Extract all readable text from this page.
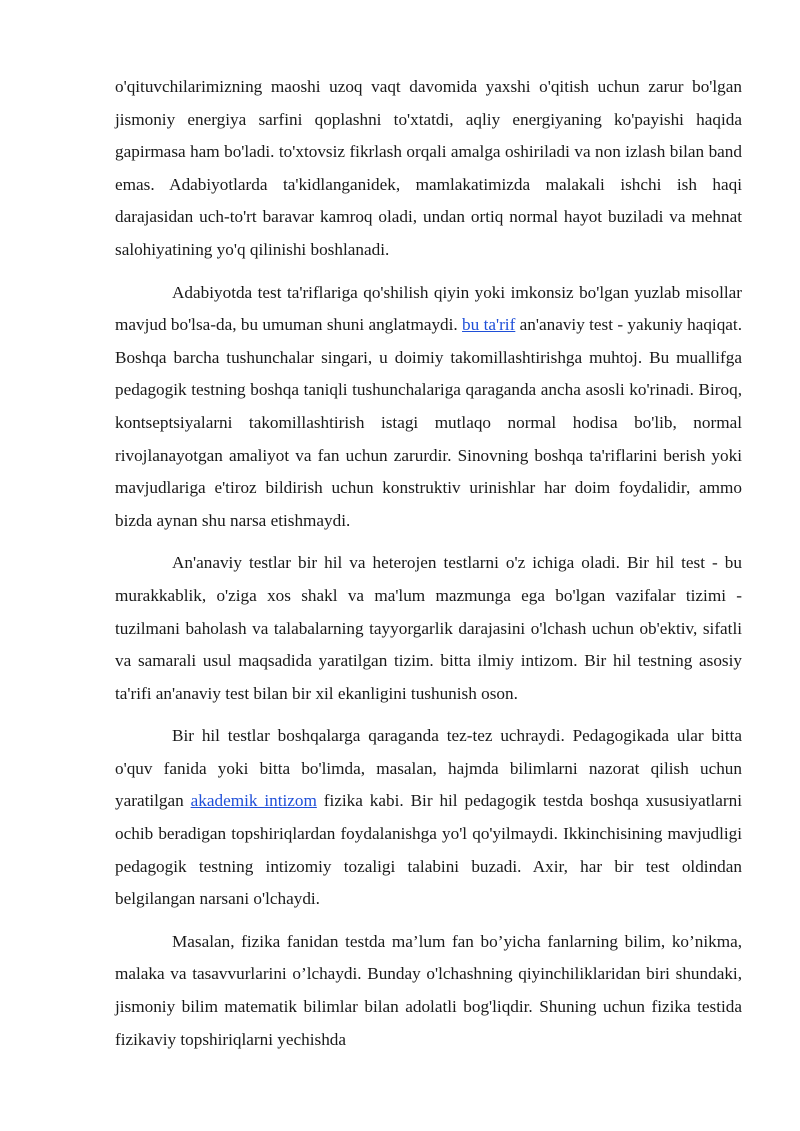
o'qituvchilarimizning maoshi uzoq vaqt davomida yaxshi o'qitish uchun zarur bo'lgan jismoniy energiya sarfini qoplashni to'xtatdi, aqliy energiyaning ko'payishi haqida gapirmasa ham bo'ladi. to'xtovsiz fikrlash orqali amalga oshiriladi va non izlash bilan band emas. Adabiyotlarda ta'kidlanganidek, mamlakatimizda malakali ishchi ish haqi darajasidan uch-to'rt baravar kamroq oladi, undan ortiq normal hayot buziladi va mehnat salohiyatining yo'q qilinishi boshlanadi.

Adabiyotda test ta'riflariga qo'shilish qiyin yoki imkonsiz bo'lgan yuzlab misollar mavjud bo'lsa-da, bu umuman shuni anglatmaydi. bu ta'rif an'anaviy test - yakuniy haqiqat. Boshqa barcha tushunchalar singari, u doimiy takomillashtirishga muhtoj. Bu muallifga pedagogik testning boshqa taniqli tushunchalariga qaraganda ancha asosli ko'rinadi. Biroq, kontseptsiyalarni takomillashtirish istagi mutlaqo normal hodisa bo'lib, normal rivojlanayotgan amaliyot va fan uchun zarurdir. Sinovning boshqa ta'riflarini berish yoki mavjudlariga e'tiroz bildirish uchun konstruktiv urinishlar har doim foydalidir, ammo bizda aynan shu narsa etishmaydi.

An'anaviy testlar bir hil va heterojen testlarni o'z ichiga oladi. Bir hil test - bu murakkablik, o'ziga xos shakl va ma'lum mazmunga ega bo'lgan vazifalar tizimi - tuzilmani baholash va talabalarning tayyorgarlik darajasini o'lchash uchun ob'ektiv, sifatli va samarali usul maqsadida yaratilgan tizim. bitta ilmiy intizom. Bir hil testning asosiy ta'rifi an'anaviy test bilan bir xil ekanligini tushunish oson.

Bir hil testlar boshqalarga qaraganda tez-tez uchraydi. Pedagogikada ular bitta o'quv fanida yoki bitta bo'limda, masalan, hajmda bilimlarni nazorat qilish uchun yaratilgan akademik intizom fizika kabi. Bir hil pedagogik testda boshqa xususiyatlarni ochib beradigan topshiriqlardan foydalanishga yo'l qo'yilmaydi. Ikkinchisining mavjudligi pedagogik testning intizomiy tozaligi talabini buzadi. Axir, har bir test oldindan belgilangan narsani o'lchaydi.

Masalan, fizika fanidan testda ma’lum fan bo’yicha fanlarning bilim, ko’nikma, malaka va tasavvurlarini o’lchaydi. Bunday o'lchashning qiyinchiliklaridan biri shundaki, jismoniy bilim matematik bilimlar bilan adolatli bog'liqdir. Shuning uchun fizika testida fizikaviy topshiriqlarni yechishda
